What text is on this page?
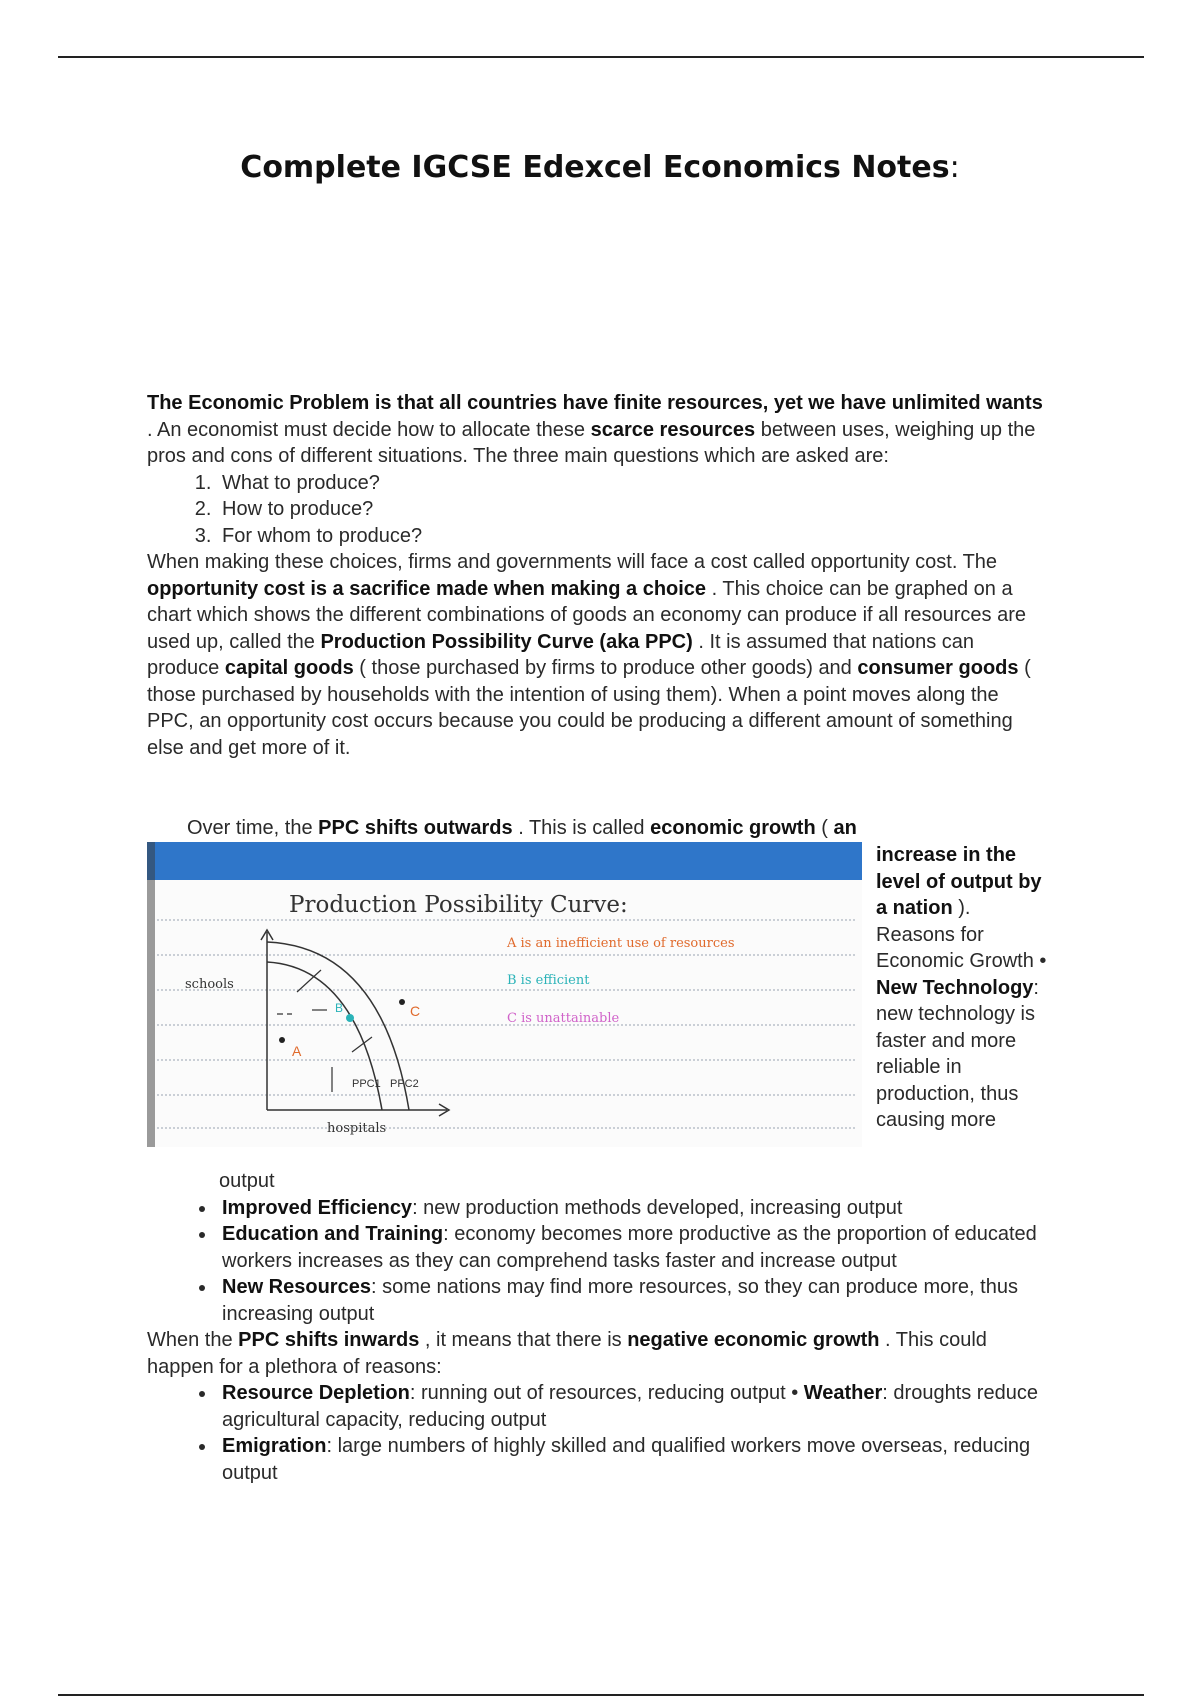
Complete IGCSE Edexcel Economics Notes:

The Economic Problem is that all countries have finite resources, yet we have unlimited wants . An economist must decide how to allocate these scarce resources between uses, weighing up the pros and cons of different situations. The three main questions which are asked are:

1. What to produce?
2. How to produce?
3. For whom to produce?

When making these choices, firms and governments will face a cost called opportunity cost. The opportunity cost is a sacrifice made when making a choice . This choice can be graphed on a chart which shows the different combinations of goods an economy can produce if all resources are used up, called the Production Possibility Curve (aka PPC) . It is assumed that nations can produce capital goods ( those purchased by firms to produce other goods) and consumer goods ( those purchased by households with the intention of using them). When a point moves along the PPC, an opportunity cost occurs because you could be producing a different amount of something else and get more of it.

Over time, the PPC shifts outwards . This is called economic growth ( an

Production Possibility Curve:
A
B	C
schools
hospitals
PPC1 PPC2
A is an inefficient use of resources
B is efficient
C is unattainable

increase in the level of output by a nation ). Reasons for Economic Growth • New Technology: new technology is faster and more reliable in production, thus causing more

output

• Improved Efficiency: new production methods developed, increasing output
• Education and Training: economy becomes more productive as the proportion of educated workers increases as they can comprehend tasks faster and increase output
• New Resources: some nations may find more resources, so they can produce more, thus increasing output

When the PPC shifts inwards , it means that there is negative economic growth . This could happen for a plethora of reasons:

• Resource Depletion: running out of resources, reducing output • Weather: droughts reduce agricultural capacity, reducing output
• Emigration: large numbers of highly skilled and qualified workers move overseas, reducing output
